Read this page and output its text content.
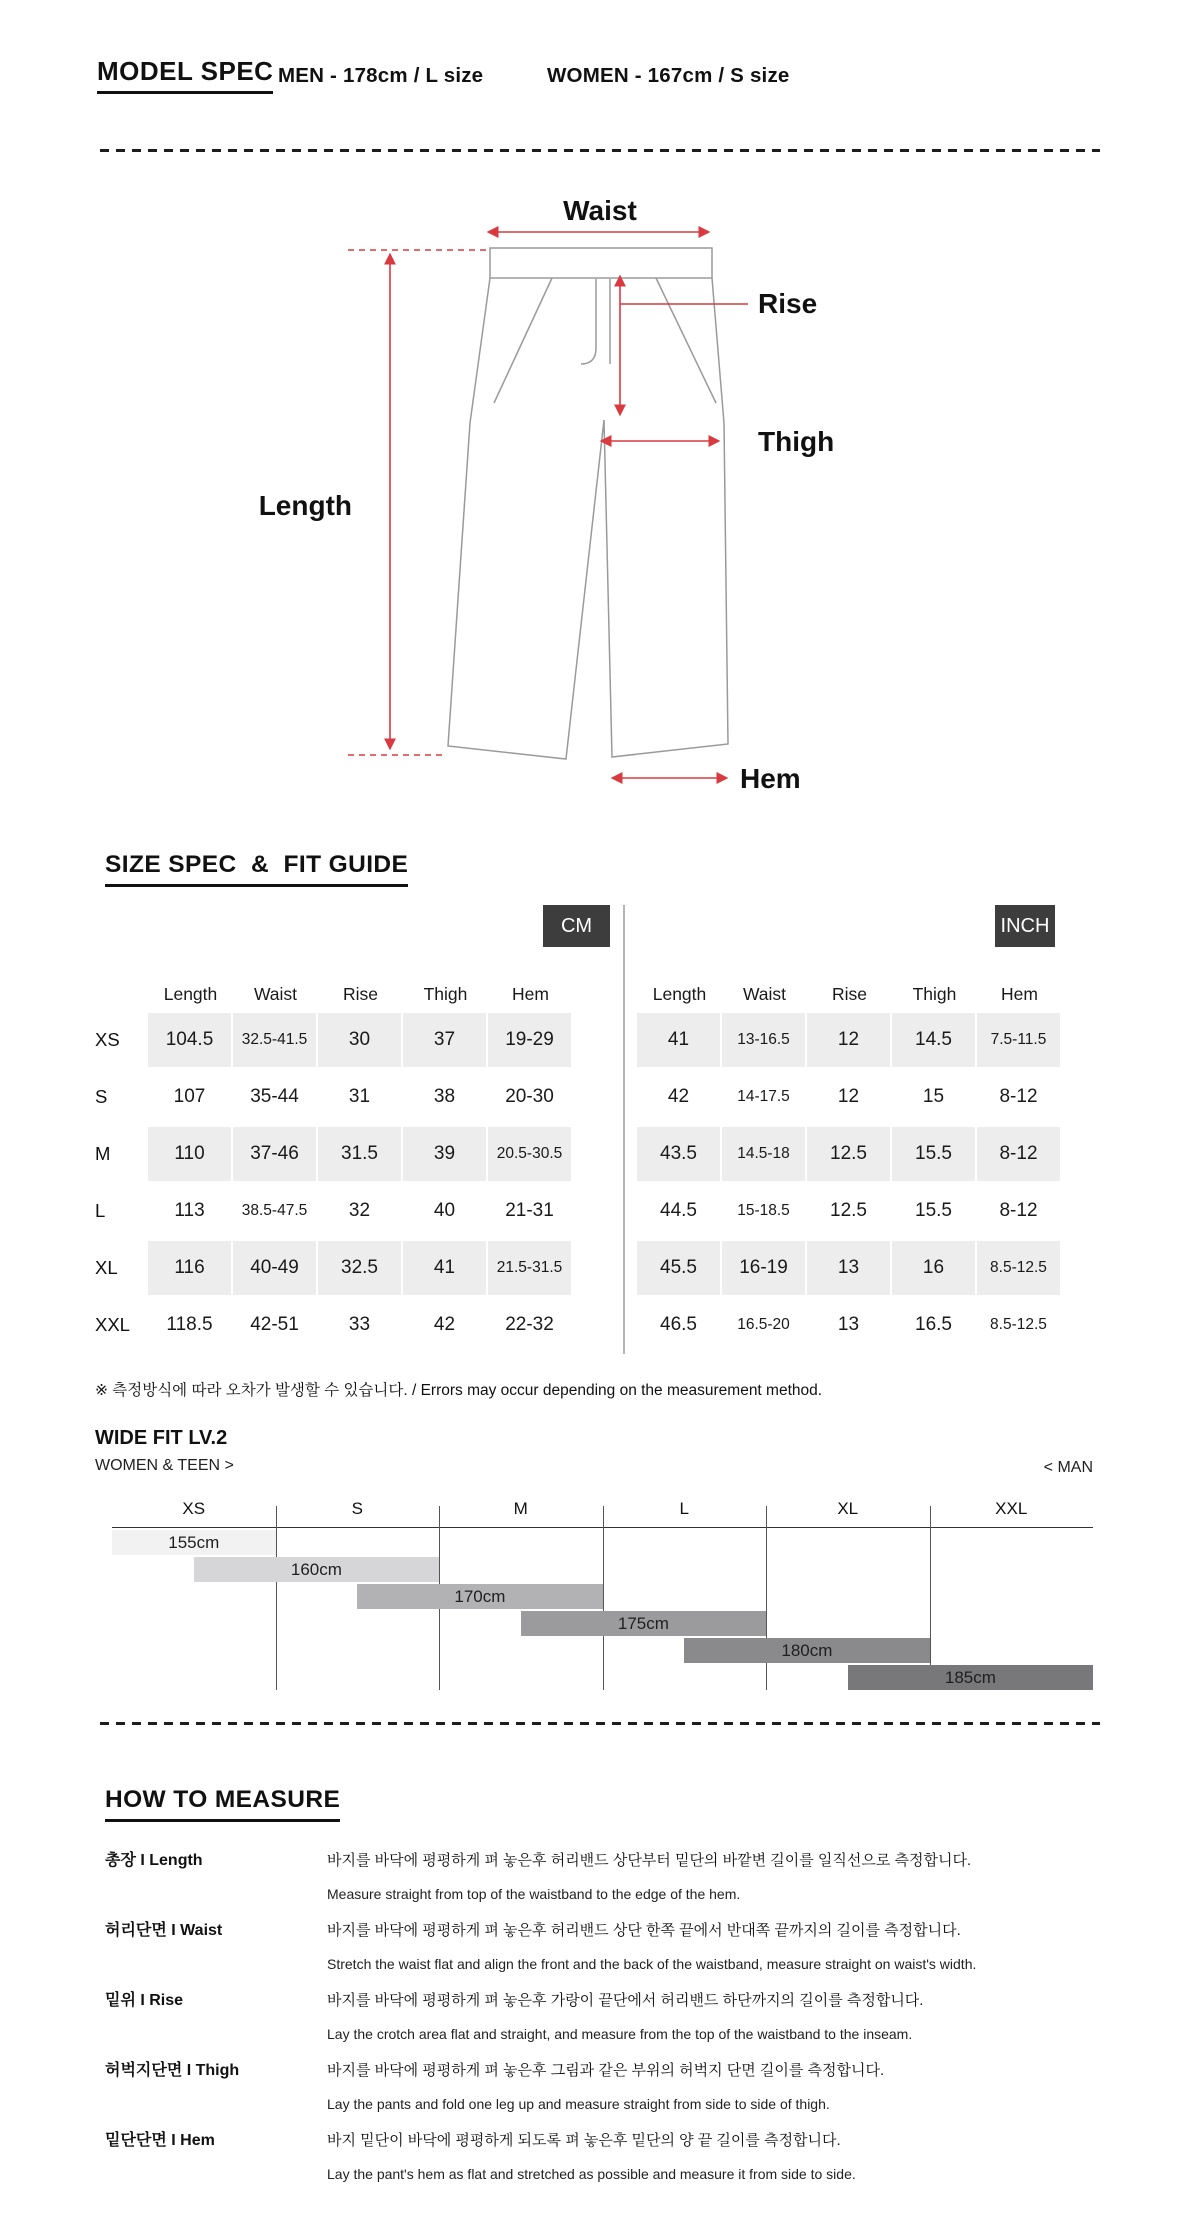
MODEL SPEC MEN - 178cm / L size	WOMEN - 167cm / S size
Waist
Rise
Thigh
Length
Hem
SIZE SPEC  &  FIT GUIDE
CM	INCH
Length	Waist	Rise	Thigh	Hem
XS	104.5	32.5-41.5	30	37	19-29
S	107	35-44	31	38	20-30
M	110	37-46	31.5	39	20.5-30.5
L	113	38.5-47.5	32	40	21-31
XL	116	40-49	32.5	41	21.5-31.5
XXL	118.5	42-51	33	42	22-32
Length	Waist	Rise	Thigh	Hem
41	13-16.5	12	14.5	7.5-11.5
42	14-17.5	12	15	8-12
43.5	14.5-18	12.5	15.5	8-12
44.5	15-18.5	12.5	15.5	8-12
45.5	16-19	13	16	8.5-12.5
46.5	16.5-20	13	16.5	8.5-12.5
※ 측정방식에 따라 오차가 발생할 수 있습니다. / Errors may occur depending on the measurement method.
WIDE FIT LV.2
WOMEN & TEEN >	< MAN
XS	S	M	L	XL	XXL
155cm
160cm
170cm
175cm
180cm
185cm
HOW TO MEASURE
총장 I Length	바지를 바닥에 평평하게 펴 놓은후 허리밴드 상단부터 밑단의 바깥변 길이를 일직선으로 측정합니다.
Measure straight from top of the waistband to the edge of the hem.
허리단면 I Waist	바지를 바닥에 평평하게 펴 놓은후 허리밴드 상단 한쪽 끝에서 반대쪽 끝까지의 길이를 측정합니다.
Stretch the waist flat and align the front and the back of the waistband, measure straight on waist's width.
밑위 I Rise	바지를 바닥에 평평하게 펴 놓은후 가랑이 끝단에서 허리밴드 하단까지의 길이를 측정합니다.
Lay the crotch area flat and straight, and measure from the top of the waistband to the inseam.
허벅지단면 I Thigh	바지를 바닥에 평평하게 펴 놓은후 그림과 같은 부위의 허벅지 단면 길이를 측정합니다.
Lay the pants and fold one leg up and measure straight from side to side of thigh.
밑단단면 I Hem	바지 밑단이 바닥에 평평하게 되도록 펴 놓은후 밑단의 양 끝 길이를 측정합니다.
Lay the pant's hem as flat and stretched as possible and measure it from side to side.
